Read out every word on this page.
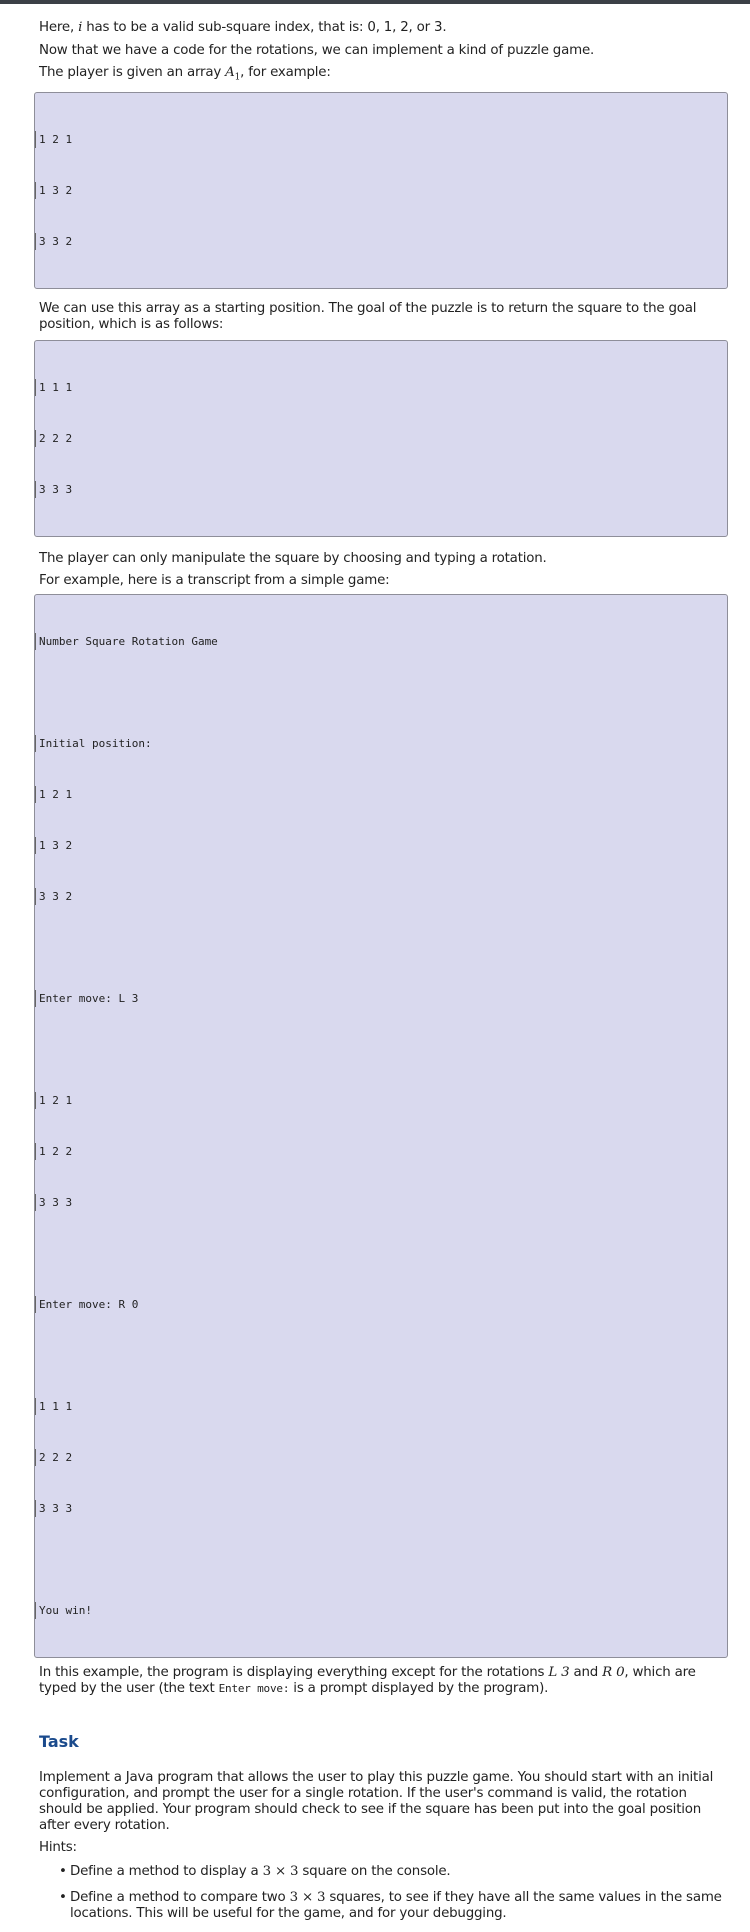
Here, i has to be a valid sub-square index, that is: 0, 1, 2, or 3.

Now that we have a code for the rotations, we can implement a kind of puzzle game.

The player is given an array $A_1$, for example:

1 2 1

1 3 2

3 3 2

We can use this array as a starting position. The goal of the puzzle is to return the square to the goal position, which is as follows:

1 1 1

2 2 2

3 3 3

The player can only manipulate the square by choosing and typing a rotation.

For example, here is a transcript from a simple game:

Number Square Rotation Game

Initial position:

1 2 1

1 3 2

3 3 2

Enter move: L 3

1 2 1

1 2 2

3 3 3

Enter move: R 0

1 1 1

2 2 2

3 3 3

You win!

In this example, the program is displaying everything except for the rotations L 3 and R 0, which are typed by the user (the text Enter move: is a prompt displayed by the program).

Task

Implement a Java program that allows the user to play this puzzle game. You should start with an initial configuration, and prompt the user for a single rotation. If the user's command is valid, the rotation should be applied. Your program should check to see if the square has been put into the goal position after every rotation.

Hints:

• Define a method to display a 3 × 3 square on the console.
• Define a method to compare two 3 × 3 squares, to see if they have all the same values in the same locations. This will be useful for the game, and for your debugging.
